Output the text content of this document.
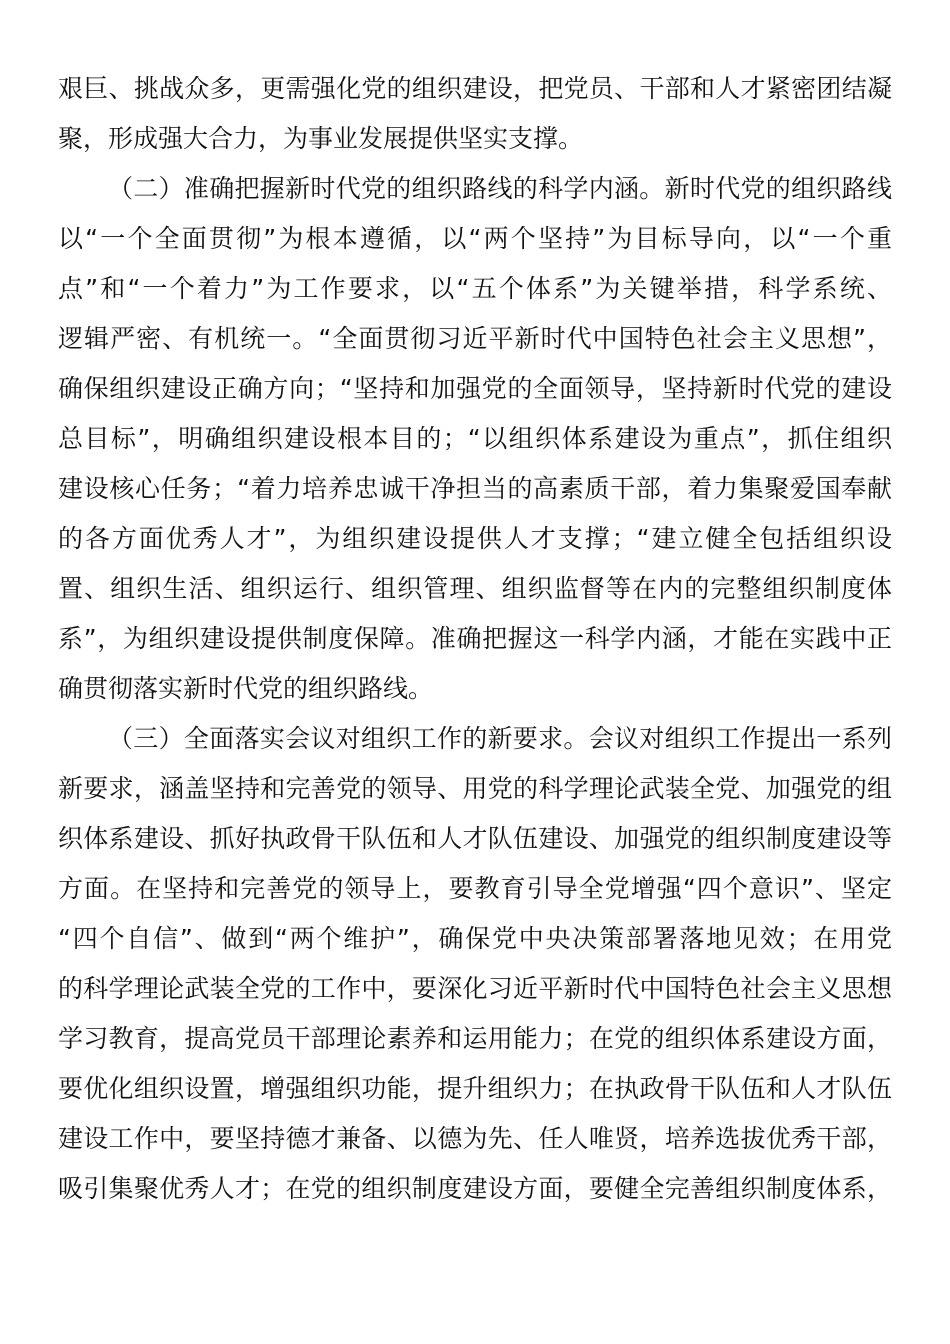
艰巨、挑战众多，更需强化党的组织建设，把党员、干部和人才紧密团结凝
聚，形成强大合力，为事业发展提供坚实支撑。
（二）准确把握新时代党的组织路线的科学内涵。新时代党的组织路线
以“一个全面贯彻”为根本遵循，以“两个坚持”为目标导向，以“一个重
点”和“一个着力”为工作要求，以“五个体系”为关键举措，科学系统、
逻辑严密、有机统一。“全面贯彻习近平新时代中国特色社会主义思想”，
确保组织建设正确方向；“坚持和加强党的全面领导，坚持新时代党的建设
总目标”，明确组织建设根本目的；“以组织体系建设为重点”，抓住组织
建设核心任务；“着力培养忠诚干净担当的高素质干部，着力集聚爱国奉献
的各方面优秀人才”，为组织建设提供人才支撑；“建立健全包括组织设
置、组织生活、组织运行、组织管理、组织监督等在内的完整组织制度体
系”，为组织建设提供制度保障。准确把握这一科学内涵，才能在实践中正
确贯彻落实新时代党的组织路线。
（三）全面落实会议对组织工作的新要求。会议对组织工作提出一系列
新要求，涵盖坚持和完善党的领导、用党的科学理论武装全党、加强党的组
织体系建设、抓好执政骨干队伍和人才队伍建设、加强党的组织制度建设等
方面。在坚持和完善党的领导上，要教育引导全党增强“四个意识”、坚定
“四个自信”、做到“两个维护”，确保党中央决策部署落地见效；在用党
的科学理论武装全党的工作中，要深化习近平新时代中国特色社会主义思想
学习教育，提高党员干部理论素养和运用能力；在党的组织体系建设方面，
要优化组织设置，增强组织功能，提升组织力；在执政骨干队伍和人才队伍
建设工作中，要坚持德才兼备、以德为先、任人唯贤，培养选拔优秀干部，
吸引集聚优秀人才；在党的组织制度建设方面，要健全完善组织制度体系，
